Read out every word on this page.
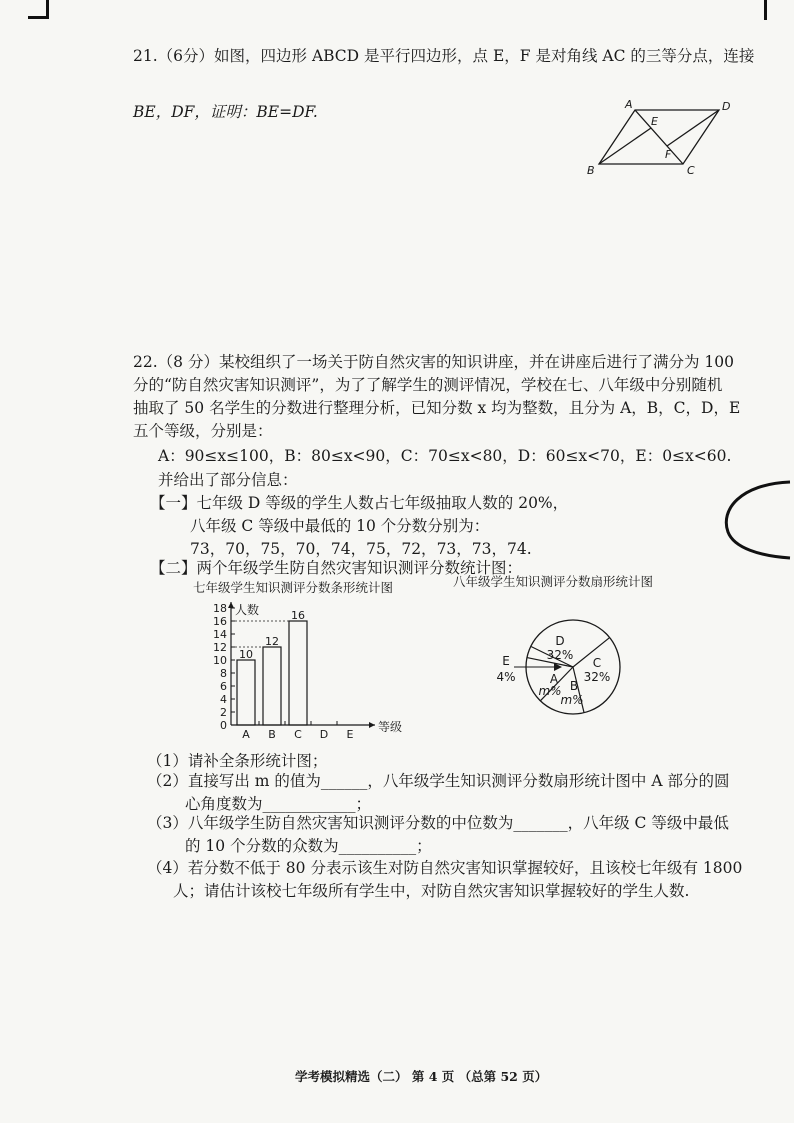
21.（6分）如图，四边形 ABCD 是平行四边形，点 E，F 是对角线 AC 的三等分点，连接
BE，DF，证明：BE=DF.	A	D
E
F
B	C
22.（8 分）某校组织了一场关于防自然灾害的知识讲座，并在讲座后进行了满分为 100
分的“防自然灾害知识测评”，为了了解学生的测评情况，学校在七、八年级中分别随机
抽取了 50 名学生的分数进行整理分析，已知分数 x 均为整数，且分为 A，B，C，D，E
五个等级，分别是：
A：90≤x≤100，B：80≤x<90，C：70≤x<80，D：60≤x<70，E：0≤x<60.
并给出了部分信息：
【一】七年级 D 等级的学生人数占七年级抽取人数的 20%，
八年级 C 等级中最低的 10 个分数分别为：
73，70，75，70，74，75，72，73，73，74.
【二】两个年级学生防自然灾害知识测评分数统计图：
七年级学生知识测评分数条形统计图	八年级学生知识测评分数扇形统计图
人数
等级
0
2
4
6
8
10
12
14
16
18
A
10
B
12
C
16
D E
D
32%
C
32%
B
m%
A
m%
E
4%
（1）请补全条形统计图；
（2）直接写出 m 的值为______，八年级学生知识测评分数扇形统计图中 A 部分的圆
心角度数为____________；
（3）八年级学生防自然灾害知识测评分数的中位数为_______，八年级 C 等级中最低
的 10 个分数的众数为__________；
（4）若分数不低于 80 分表示该生对防自然灾害知识掌握较好，且该校七年级有 1800
人；请估计该校七年级所有学生中，对防自然灾害知识掌握较好的学生人数.
学考模拟精选（二） 第 4 页 （总第 52 页）
